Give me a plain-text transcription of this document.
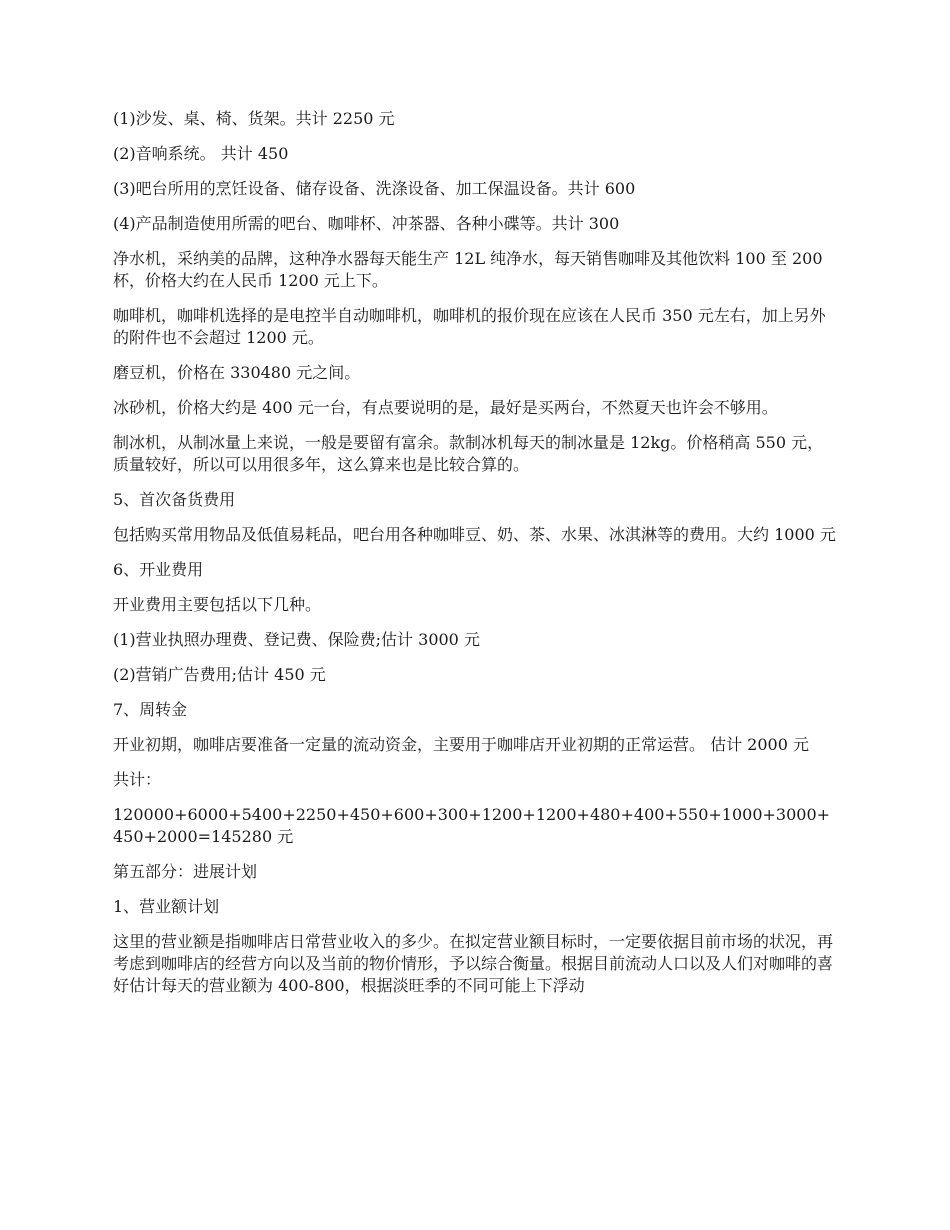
(1)沙发、桌、椅、货架。共计 2250 元

(2)音响系统。 共计 450

(3)吧台所用的烹饪设备、储存设备、洗涤设备、加工保温设备。共计 600

(4)产品制造使用所需的吧台、咖啡杯、冲茶器、各种小碟等。共计 300

净水机，采纳美的品牌，这种净水器每天能生产 12L 纯净水，每天销售咖啡及其他饮料 100 至 200 杯，价格大约在人民币 1200 元上下。

咖啡机，咖啡机选择的是电控半自动咖啡机，咖啡机的报价现在应该在人民币 350 元左右，加上另外的附件也不会超过 1200 元。

磨豆机，价格在 330480 元之间。

冰砂机，价格大约是 400 元一台，有点要说明的是，最好是买两台，不然夏天也许会不够用。

制冰机，从制冰量上来说，一般是要留有富余。款制冰机每天的制冰量是 12kg。价格稍高 550 元，质量较好，所以可以用很多年，这么算来也是比较合算的。

5、首次备货费用

包括购买常用物品及低值易耗品，吧台用各种咖啡豆、奶、茶、水果、冰淇淋等的费用。大约 1000 元

6、开业费用

开业费用主要包括以下几种。

(1)营业执照办理费、登记费、保险费;估计 3000 元

(2)营销广告费用;估计 450 元

7、周转金

开业初期，咖啡店要准备一定量的流动资金，主要用于咖啡店开业初期的正常运营。 估计 2000 元

共计：

120000+6000+5400+2250+450+600+300+1200+1200+480+400+550+1000+3000+450+2000=145280 元

第五部分：进展计划

1、营业额计划

这里的营业额是指咖啡店日常营业收入的多少。在拟定营业额目标时，一定要依据目前市场的状况，再考虑到咖啡店的经营方向以及当前的物价情形，予以综合衡量。根据目前流动人口以及人们对咖啡的喜好估计每天的营业额为 400-800，根据淡旺季的不同可能上下浮动
